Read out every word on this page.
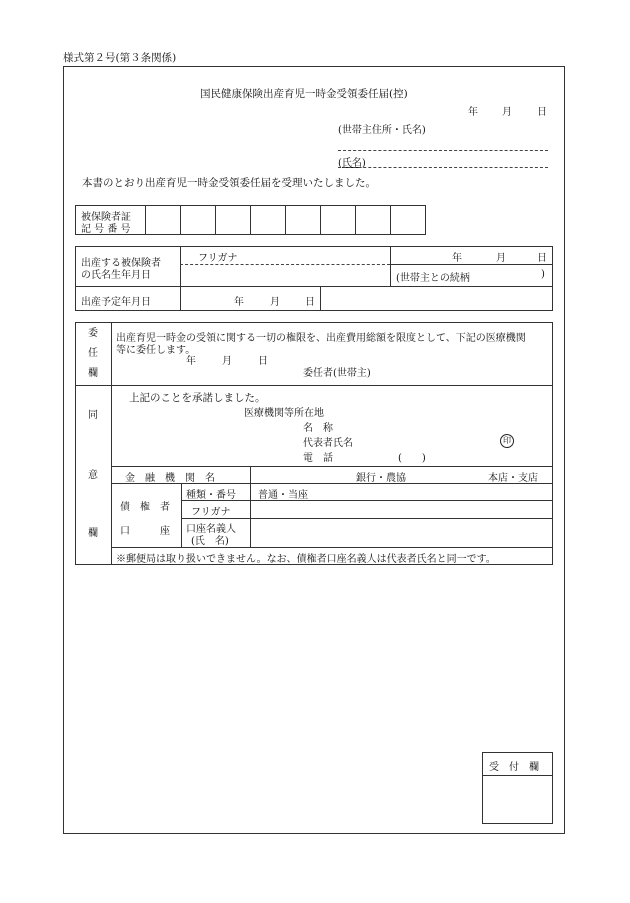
様式第２号(第３条関係)
国民健康保険出産育児一時金受領委任届(控)
年 月	日
(世帯主住所・氏名)
(氏名)
本書のとおり出産育児一時金受領委任届を受理いたしました。
被保険者証
記 号 番 号
出産する被保険者
の氏名生年月日
フリガナ	年	月	日
(世帯主との続柄	)
出産予定年月日	年	月	日
委
任
欄
出産育児一時金の受領に関する一切の権限を、出産費用総額を限度として、下記の医療機関
等に委任します。
年	月	日
委任者(世帯主)
同
意
欄
上記のことを承諾しました。
医療機関等所在地
名　称
代表者氏名	印
電　話	(　　)
金　融　機　関　名	銀行・農協	本店・支店
債　権　者
口　　　座
種類・番号 普通・当座
フリガナ
口座名義人
(氏　名)
※郵便局は取り扱いできません。なお、債権者口座名義人は代表者氏名と同一です。
受　付　欄
